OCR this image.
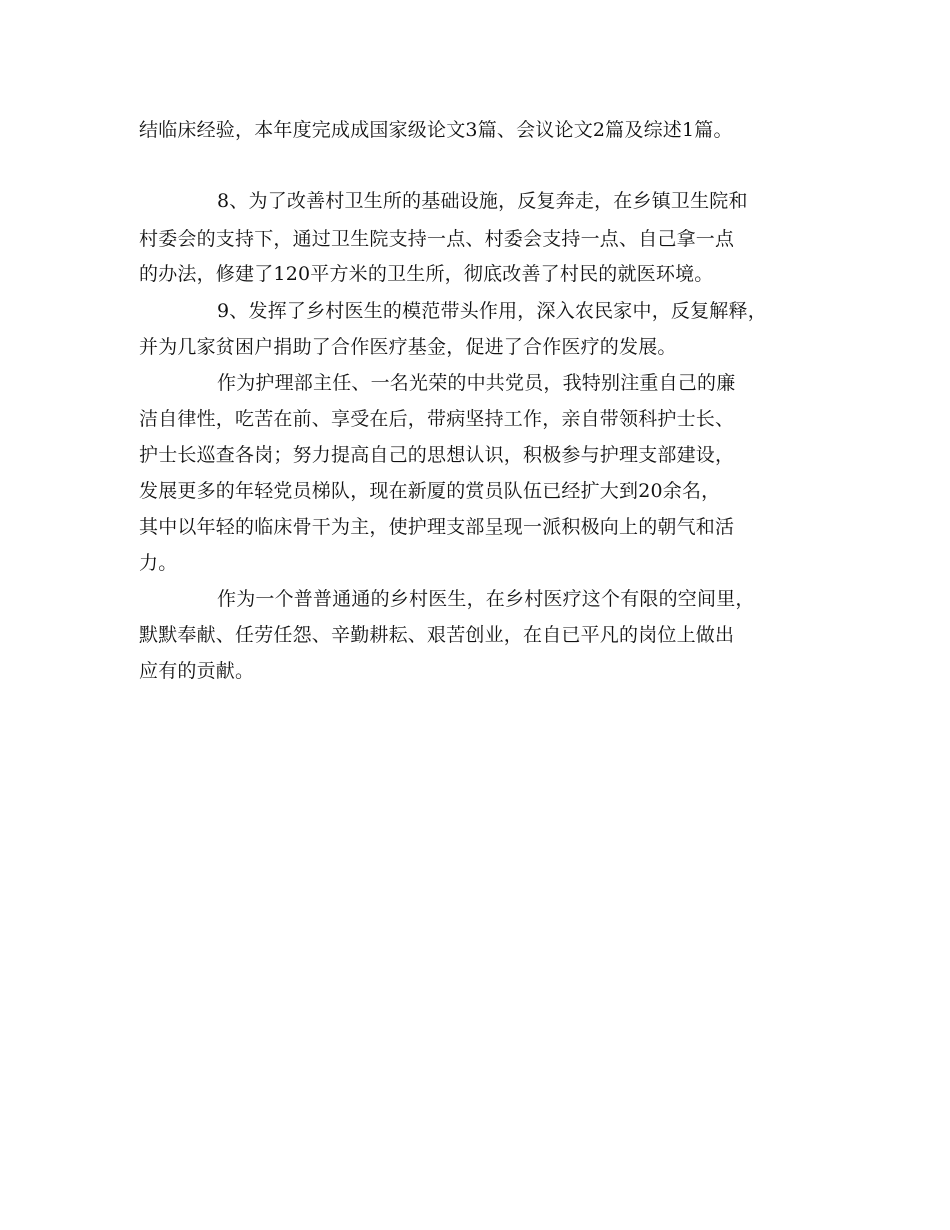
结临床经验，本年度完成成国家级论文3篇、会议论文2篇及综述1篇。
8、为了改善村卫生所的基础设施，反复奔走，在乡镇卫生院和
村委会的支持下，通过卫生院支持一点、村委会支持一点、自己拿一点
的办法，修建了120平方米的卫生所，彻底改善了村民的就医环境。
9、发挥了乡村医生的模范带头作用，深入农民家中，反复解释，
并为几家贫困户捐助了合作医疗基金，促进了合作医疗的发展。
作为护理部主任、一名光荣的中共党员，我特别注重自己的廉
洁自律性，吃苦在前、享受在后，带病坚持工作，亲自带领科护士长、
护士长巡查各岗；努力提高自己的思想认识，积极参与护理支部建设，
发展更多的年轻党员梯队，现在新厦的赏员队伍已经扩大到20余名，
其中以年轻的临床骨干为主，使护理支部呈现一派积极向上的朝气和活
力。
作为一个普普通通的乡村医生，在乡村医疗这个有限的空间里，
默默奉献、任劳任怨、辛勤耕耘、艰苦创业，在自已平凡的岗位上做出
应有的贡献。
